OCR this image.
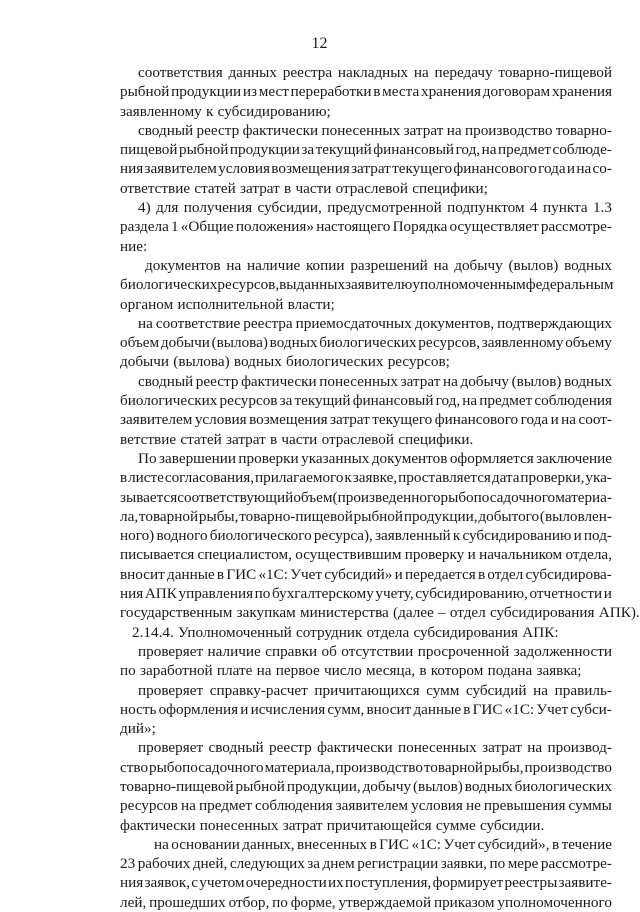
12
соответствия данных реестра накладных на передачу товарно-пищевой
рыбной продукции из мест переработки в места хранения договорам хранения
заявленному к субсидированию;
сводный реестр фактически понесенных затрат на производство товарно-
пищевой рыбной продукции за текущий финансовый год, на предмет соблюде-
ния заявителем условия возмещения затрат текущего финансового года и на со-
ответствие статей затрат в части отраслевой специфики;
4) для получения субсидии, предусмотренной подпунктом 4 пункта 1.3
раздела 1 «Общие положения» настоящего Порядка осуществляет рассмотре-
ние:
документов на наличие копии разрешений на добычу (вылов) водных
биологических ресурсов, выданных заявителю уполномоченным федеральным
органом исполнительной власти;
на соответствие реестра приемосдаточных документов, подтверждающих
объем добычи (вылова) водных биологических ресурсов, заявленному объему
добычи (вылова) водных биологических ресурсов;
сводный реестр фактически понесенных затрат на добычу (вылов) водных
биологических ресурсов за текущий финансовый год, на предмет соблюдения
заявителем условия возмещения затрат текущего финансового года и на соот-
ветствие статей затрат в части отраслевой специфики.
По завершении проверки указанных документов оформляется заключение
в листе согласования, прилагаемого к заявке, проставляется дата проверки, ука-
зывается соответствующий объем (произведенного рыбопосадочного материа-
ла, товарной рыбы, товарно-пищевой рыбной продукции, добытого (выловлен-
ного) водного биологического ресурса), заявленный к субсидированию и под-
писывается специалистом, осуществившим проверку и начальником отдела,
вносит данные в ГИС «1С: Учет субсидий» и передается в отдел субсидирова-
ния АПК управления по бухгалтерскому учету, субсидированию, отчетности и
государственным закупкам министерства (далее – отдел субсидирования АПК).
2.14.4. Уполномоченный сотрудник отдела субсидирования АПК:
проверяет наличие справки об отсутствии просроченной задолженности
по заработной плате на первое число месяца, в котором подана заявка;
проверяет справку-расчет причитающихся сумм субсидий на правиль-
ность оформления и исчисления сумм, вносит данные в ГИС «1С: Учет субси-
дий»;
проверяет сводный реестр фактически понесенных затрат на производ-
ство рыбопосадочного материала, производство товарной рыбы, производство
товарно-пищевой рыбной продукции, добычу (вылов) водных биологических
ресурсов на предмет соблюдения заявителем условия не превышения суммы
фактически понесенных затрат причитающейся сумме субсидии.
на основании данных, внесенных в ГИС «1С: Учет субсидий», в течение
23 рабочих дней, следующих за днем регистрации заявки, по мере рассмотре-
ния заявок, с учетом очередности их поступления, формирует реестры заявите-
лей, прошедших отбор, по форме, утверждаемой приказом уполномоченного
